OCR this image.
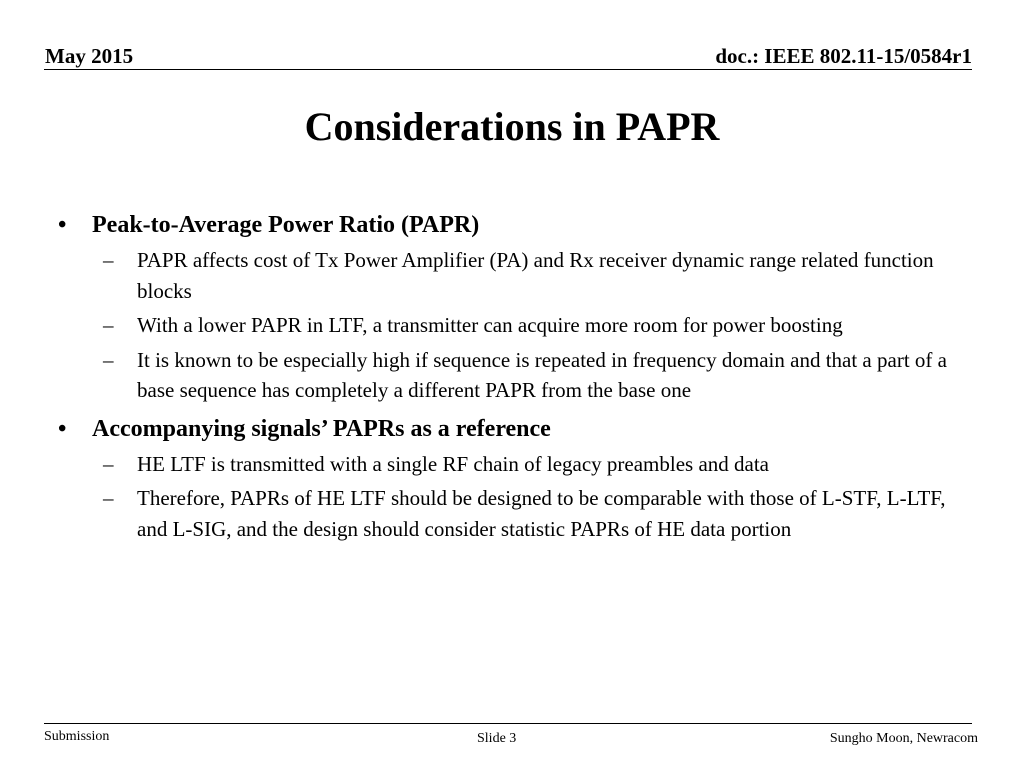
May 2015	doc.: IEEE 802.11-15/0584r1
Considerations in PAPR
• Peak-to-Average Power Ratio (PAPR)
– PAPR affects cost of Tx Power Amplifier (PA) and Rx receiver dynamic range related function blocks
– With a lower PAPR in LTF, a transmitter can acquire more room for power boosting
– It is known to be especially high if sequence is repeated in frequency domain and that a part of a base sequence has completely a different PAPR from the base one
• Accompanying signals’ PAPRs as a reference
– HE LTF is transmitted with a single RF chain of legacy preambles and data
– Therefore, PAPRs of HE LTF should be designed to be comparable with those of L-STF, L-LTF, and L-SIG, and the design should consider statistic PAPRs of HE data portion
Submission	Slide 3	Sungho Moon, Newracom
